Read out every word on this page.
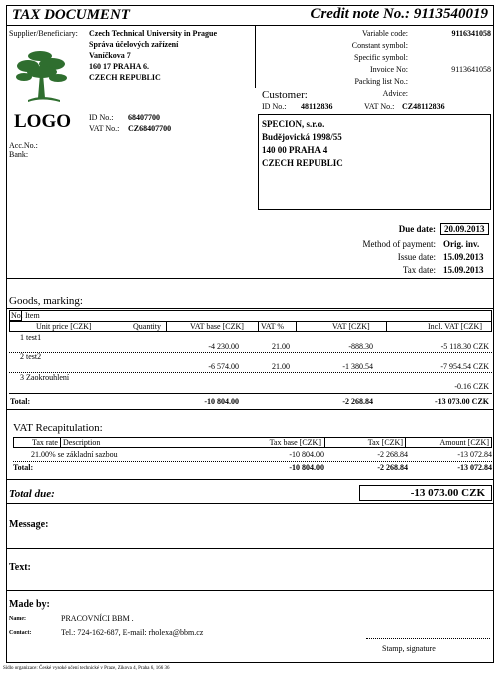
TAX DOCUMENT	Credit note No.: 9113540019
Supplier/Beneficiary: Czech Technical University in Prague
Správa účelových zařízení
Vaníčkova 7
160 17 PRAHA 6.
CZECH REPUBLIC
LOGO ID No.: 68407700
VAT No.: CZ68407700
Acc.No.:
Bank:
Variable code:	9116341058
Constant symbol:
Specific symbol:
Invoice No:	9113641058
Packing list No.:
Advice:
Customer:
ID No.: 48112836	VAT No.: CZ48112836
SPECION, s.r.o.
Budějovická 1998/55
140 00 PRAHA 4
CZECH REPUBLIC
Due date: 20.09.2013
Method of payment: Orig. inv.
Issue date: 15.09.2013
Tax date: 15.09.2013
Goods, marking:
No. Item
Unit price [CZK]	Quantity	VAT base [CZK] VAT %	VAT [CZK]	Incl. VAT [CZK]
1 test1
-4 230.00	21.00	-888.30	-5 118.30 CZK
2 test2
-6 574.00	21.00	-1 380.54	-7 954.54 CZK
3 Zaokrouhlení
-0.16 CZK
Total:	-10 804.00	-2 268.84	-13 073.00 CZK
VAT Recapitulation:
Tax rate Description	Tax base [CZK]	Tax [CZK]	Amount [CZK]
21.00% se základní sazbou	-10 804.00	-2 268.84	-13 072.84
Total:	-10 804.00	-2 268.84	-13 072.84
Total due:	-13 073.00 CZK
Message:
Text:
Made by:
Name:	PRACOVNÍCI BBM .
Contact:	Tel.: 724-162-687, E-mail: rholexa@bbm.cz
Stamp, signature
Sídlo organizace: České vysoké učení technické v Praze, Zikova 4, Praha 6, 166 36
